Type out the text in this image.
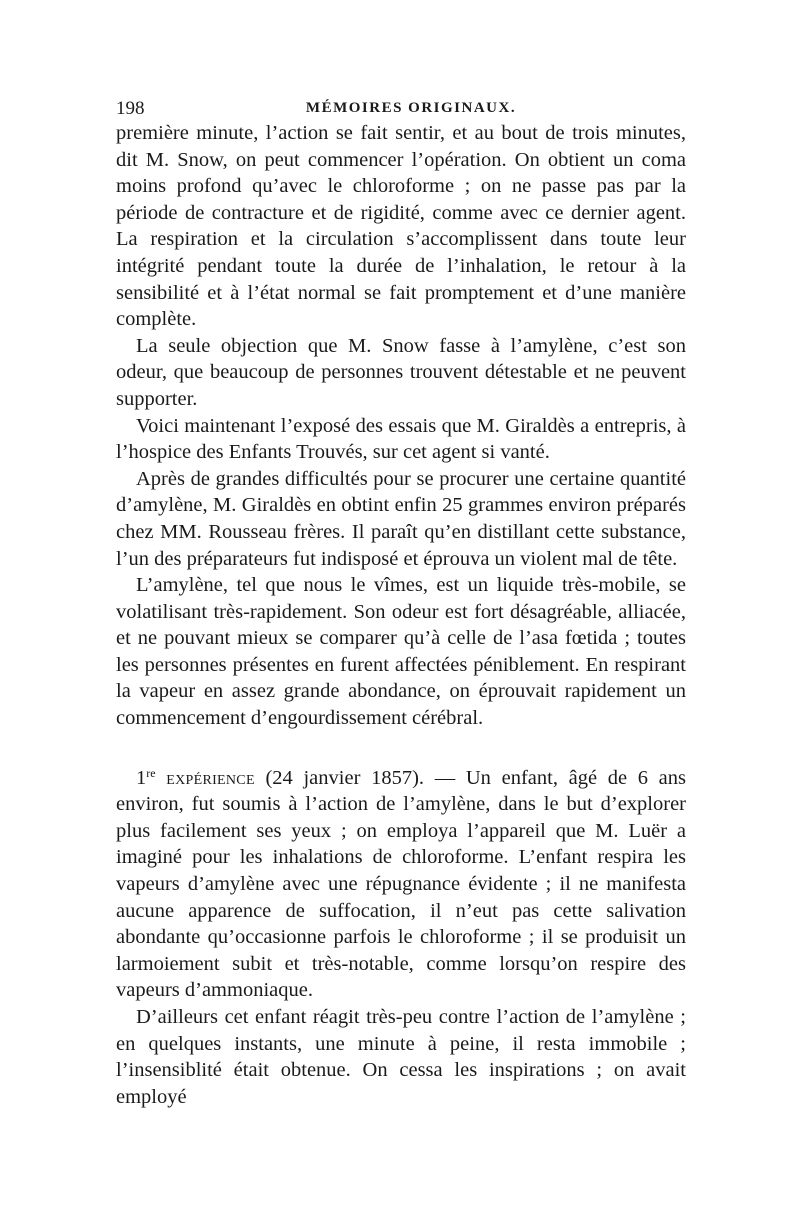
198	MÉMOIRES ORIGINAUX.

première minute, l’action se fait sentir, et au bout de trois minutes, dit M. Snow, on peut commencer l’opération. On obtient un coma moins profond qu’avec le chloroforme ; on ne passe pas par la période de contracture et de rigidité, comme avec ce dernier agent. La respiration et la circulation s’accomplissent dans toute leur intégrité pendant toute la durée de l’inhalation, le retour à la sensibilité et à l’état normal se fait promptement et d’une manière complète.

La seule objection que M. Snow fasse à l’amylène, c’est son odeur, que beaucoup de personnes trouvent détestable et ne peuvent supporter.

Voici maintenant l’exposé des essais que M. Giraldès a entrepris, à l’hospice des Enfants Trouvés, sur cet agent si vanté.

Après de grandes difficultés pour se procurer une certaine quantité d’amylène, M. Giraldès en obtint enfin 25 grammes environ préparés chez MM. Rousseau frères. Il paraît qu’en distillant cette substance, l’un des préparateurs fut indisposé et éprouva un violent mal de tête.

L’amylène, tel que nous le vîmes, est un liquide très-mobile, se volatilisant très-rapidement. Son odeur est fort désagréable, alliacée, et ne pouvant mieux se comparer qu’à celle de l’asa fœtida ; toutes les personnes présentes en furent affectées péniblement. En respirant la vapeur en assez grande abondance, on éprouvait rapidement un commencement d’engourdissement cérébral.

1re expérience (24 janvier 1857). — Un enfant, âgé de 6 ans environ, fut soumis à l’action de l’amylène, dans le but d’explorer plus facilement ses yeux ; on employa l’appareil que M. Luër a imaginé pour les inhalations de chloroforme. L’enfant respira les vapeurs d’amylène avec une répugnance évidente ; il ne manifesta aucune apparence de suffocation, il n’eut pas cette salivation abondante qu’occasionne parfois le chloroforme ; il se produisit un larmoiement subit et très-notable, comme lorsqu’on respire des vapeurs d’ammoniaque.

D’ailleurs cet enfant réagit très-peu contre l’action de l’amylène ; en quelques instants, une minute à peine, il resta immobile ; l’insensiblité était obtenue. On cessa les inspirations ; on avait employé
